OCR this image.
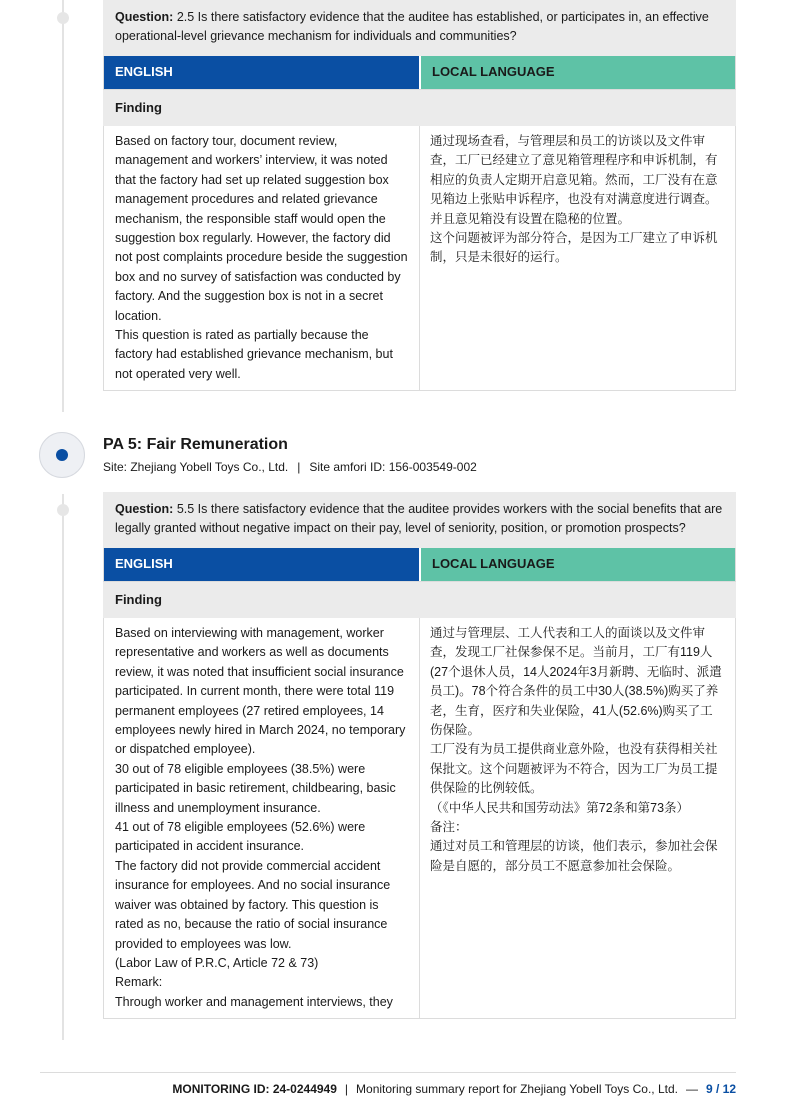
Question: 2.5 Is there satisfactory evidence that the auditee has established, or participates in, an effective operational-level grievance mechanism for individuals and communities?
ENGLISH	LOCAL LANGUAGE
Finding

Based on factory tour, document review, management and workers’ interview, it was noted that the factory had set up related suggestion box management procedures and related grievance mechanism, the responsible staff would open the suggestion box regularly. However, the factory did not post complaints procedure beside the suggestion box and no survey of satisfaction was conducted by factory. And the suggestion box is not in a secret location.

This question is rated as partially because the factory had established grievance mechanism, but not operated very well.

通过现场查看，与管理层和员工的访谈以及文件审查，工厂已经建立了意见箱管理程序和申诉机制，有相应的负责人定期开启意见箱。然而，工厂没有在意见箱边上张贴申诉程序，也没有对满意度进行调查。并且意见箱没有设置在隐秘的位置。

这个问题被评为部分符合，是因为工厂建立了申诉机制，只是未很好的运行。

PA 5: Fair Remuneration
Site: Zhejiang Yobell Toys Co., Ltd. | Site amfori ID: 156-003549-002
Question: 5.5 Is there satisfactory evidence that the auditee provides workers with the social benefits that are legally granted without negative impact on their pay, level of seniority, position, or promotion prospects?
ENGLISH	LOCAL LANGUAGE
Finding

Based on interviewing with management, worker representative and workers as well as documents review, it was noted that insufficient social insurance participated. In current month, there were total 119 permanent employees (27 retired employees, 14 employees newly hired in March 2024, no temporary or dispatched employee).

30 out of 78 eligible employees (38.5%) were participated in basic retirement, childbearing, basic illness and unemployment insurance.

41 out of 78 eligible employees (52.6%) were participated in accident insurance.

The factory did not provide commercial accident insurance for employees. And no social insurance waiver was obtained by factory. This question is rated as no, because the ratio of social insurance provided to employees was low.

(Labor Law of P.R.C, Article 72 & 73)

Remark:

Through worker and management interviews, they

通过与管理层、工人代表和工人的面谈以及文件审查，发现工厂社保参保不足。当前月，工厂有119人(27个退休人员，14人2024年3月新聘、无临时、派遣员工)。78个符合条件的员工中30人(38.5%)购买了养老，生育，医疗和失业保险，41人(52.6%)购买了工伤保险。

工厂没有为员工提供商业意外险，也没有获得相关社保批文。这个问题被评为不符合，因为工厂为员工提供保险的比例较低。

（《中华人民共和国劳动法》第72条和第73条）

备注：

通过对员工和管理层的访谈，他们表示，参加社会保险是自愿的，部分员工不愿意参加社会保险。

MONITORING ID: 24-0244949 | Monitoring summary report for Zhejiang Yobell Toys Co., Ltd. — 9 / 12
